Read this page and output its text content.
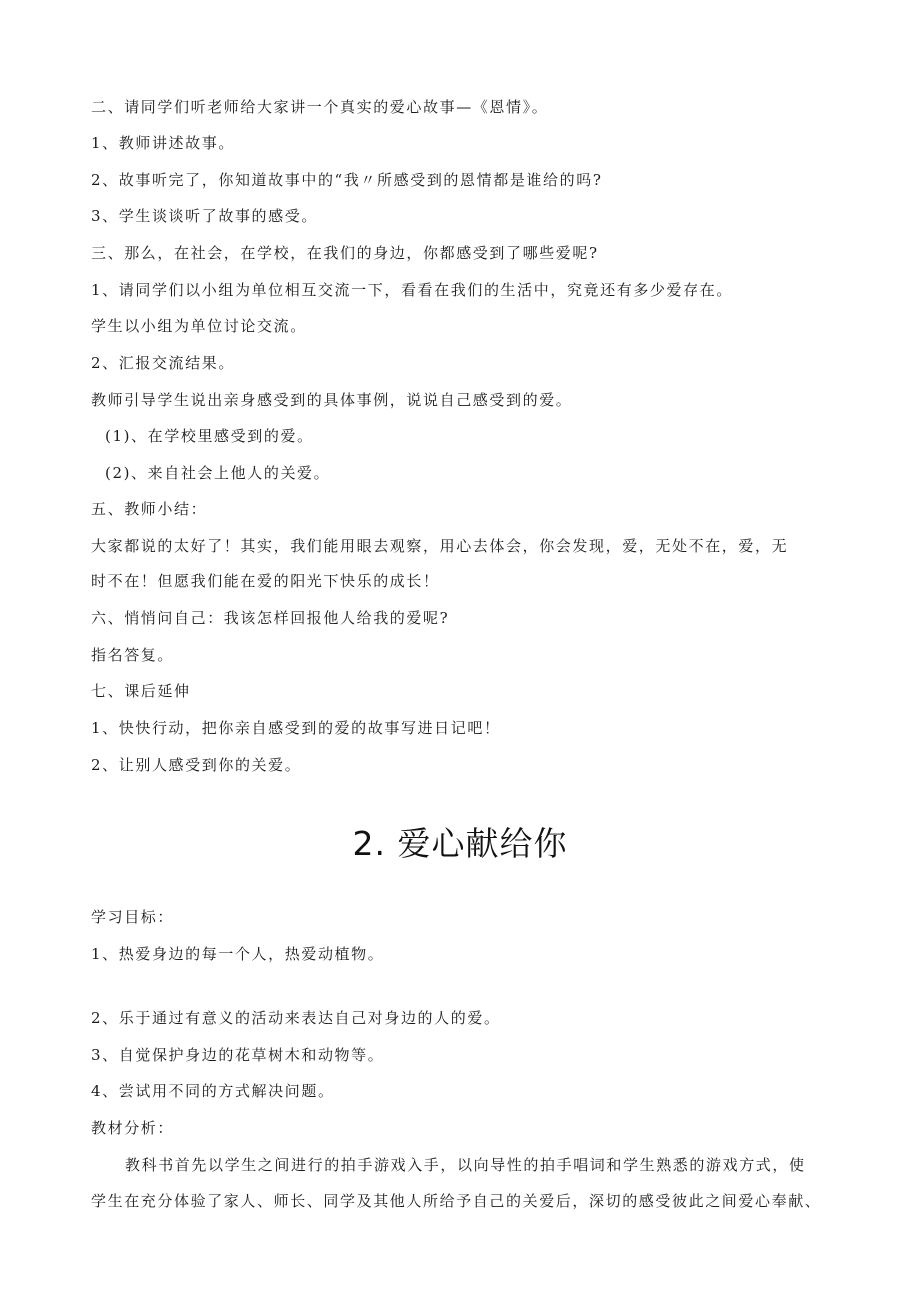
二、请同学们听老师给大家讲一个真实的爱心故事—《恩情》。
1、教师讲述故事。
2、故事听完了，你知道故事中的“我〃所感受到的恩情都是谁给的吗?
3、学生谈谈听了故事的感受。
三、那么，在社会，在学校，在我们的身边，你都感受到了哪些爱呢?
1、请同学们以小组为单位相互交流一下，看看在我们的生活中，究竟还有多少爱存在。
学生以小组为单位讨论交流。
2、汇报交流结果。
教师引导学生说出亲身感受到的具体事例，说说自己感受到的爱。
(1)、在学校里感受到的爱。
(2)、来自社会上他人的关爱。
五、教师小结：
大家都说的太好了！其实，我们能用眼去观察，用心去体会，你会发现，爱，无处不在，爱，无
时不在！但愿我们能在爱的阳光下快乐的成长！
六、悄悄问自己：我该怎样回报他人给我的爱呢?
指名答复。
七、课后延伸
1、快快行动，把你亲自感受到的爱的故事写进日记吧！
2、让别人感受到你的关爱。
2. 爱心献给你
学习目标：
1、热爱身边的每一个人，热爱动植物。
2、乐于通过有意义的活动来表达自己对身边的人的爱。
3、自觉保护身边的花草树木和动物等。
4、尝试用不同的方式解决问题。
教材分析：
教科书首先以学生之间进行的拍手游戏入手，以向导性的拍手唱词和学生熟悉的游戏方式，使
学生在充分体验了家人、师长、同学及其他人所给予自己的关爱后，深切的感受彼此之间爱心奉献、
